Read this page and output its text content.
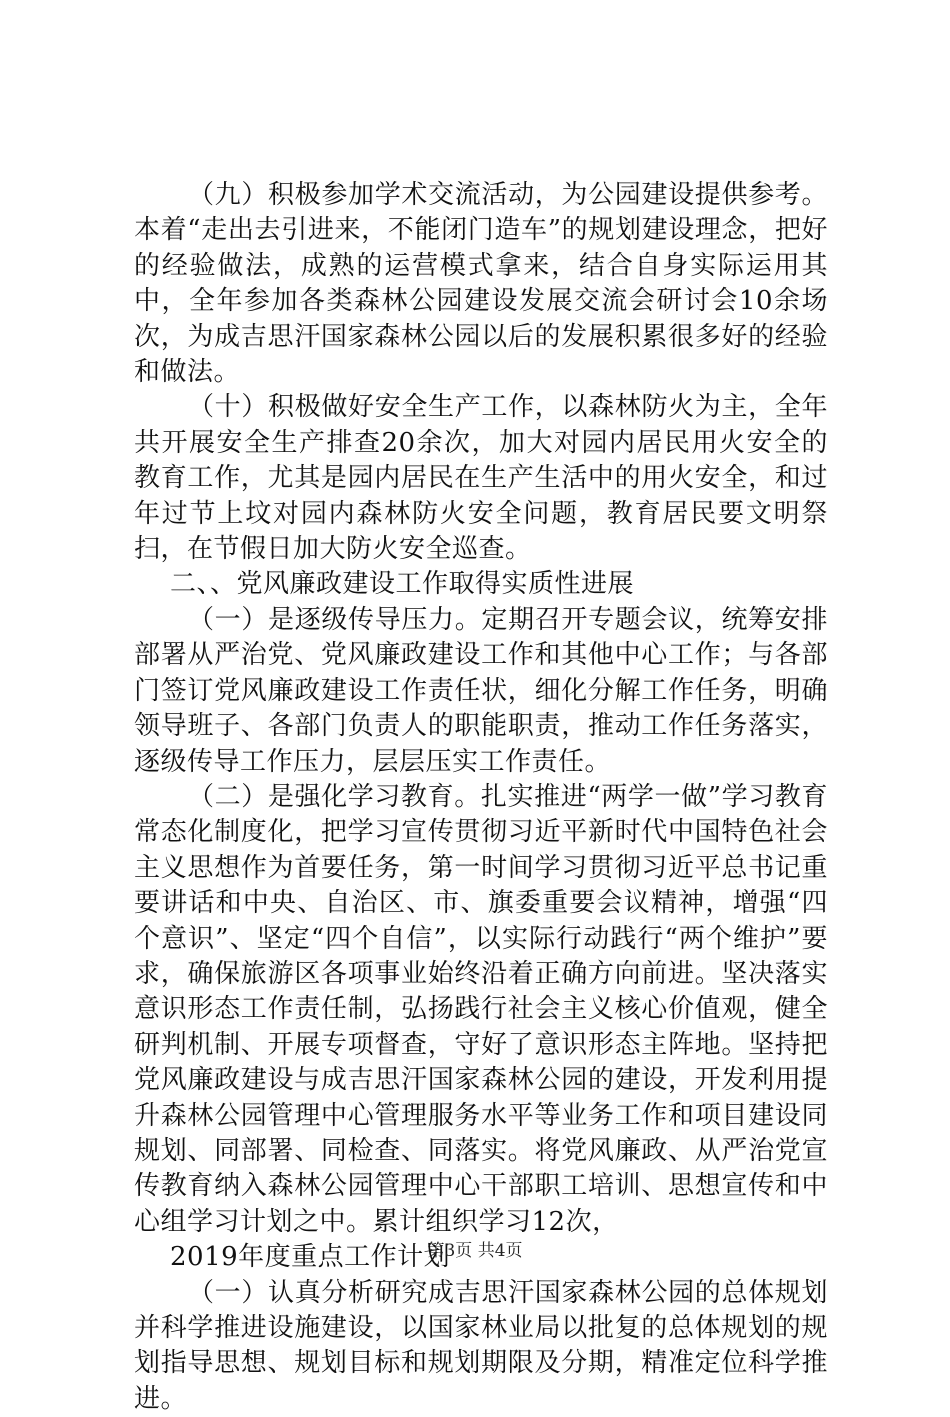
（九）积极参加学术交流活动，为公园建设提供参考。本着“走出去引进来，不能闭门造车”的规划建设理念，把好的经验做法，成熟的运营模式拿来，结合自身实际运用其中，全年参加各类森林公园建设发展交流会研讨会10余场次，为成吉思汗国家森林公园以后的发展积累很多好的经验和做法。

（十）积极做好安全生产工作，以森林防火为主，全年共开展安全生产排查20余次，加大对园内居民用火安全的教育工作，尤其是园内居民在生产生活中的用火安全，和过年过节上坟对园内森林防火安全问题，教育居民要文明祭扫，在节假日加大防火安全巡查。

二、、党风廉政建设工作取得实质性进展

（一）是逐级传导压力。定期召开专题会议，统筹安排部署从严治党、党风廉政建设工作和其他中心工作；与各部门签订党风廉政建设工作责任状，细化分解工作任务，明确领导班子、各部门负责人的职能职责，推动工作任务落实，逐级传导工作压力，层层压实工作责任。

（二）是强化学习教育。扎实推进“两学一做”学习教育常态化制度化，把学习宣传贯彻习近平新时代中国特色社会主义思想作为首要任务，第一时间学习贯彻习近平总书记重要讲话和中央、自治区、市、旗委重要会议精神，增强“四个意识”、坚定“四个自信”，以实际行动践行“两个维护”要求，确保旅游区各项事业始终沿着正确方向前进。坚决落实意识形态工作责任制，弘扬践行社会主义核心价值观，健全研判机制、开展专项督查，守好了意识形态主阵地。坚持把党风廉政建设与成吉思汗国家森林公园的建设，开发利用提升森林公园管理中心管理服务水平等业务工作和项目建设同规划、同部署、同检查、同落实。将党风廉政、从严治党宣传教育纳入森林公园管理中心干部职工培训、思想宣传和中心组学习计划之中。累计组织学习12次，

2019年度重点工作计划

（一）认真分析研究成吉思汗国家森林公园的总体规划并科学推进设施建设，以国家林业局以批复的总体规划的规划指导思想、规划目标和规划期限及分期，精准定位科学推进。

第3页 共4页
